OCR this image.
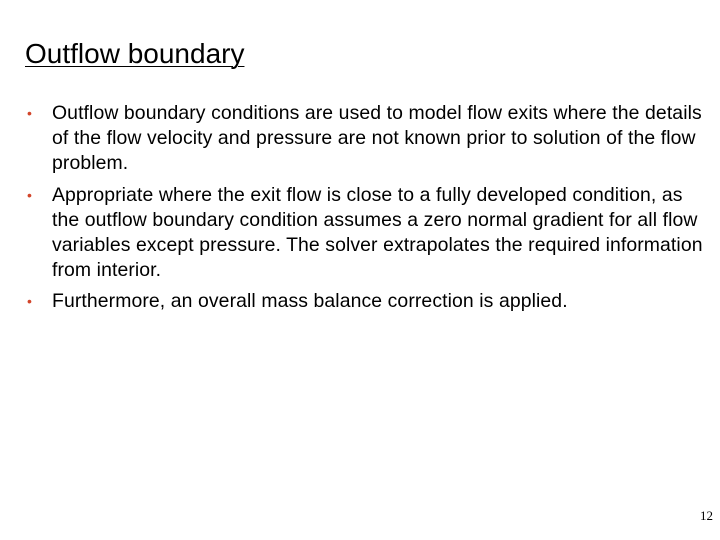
Outflow boundary
• Outflow boundary conditions are used to model flow exits where the details of the flow velocity and pressure are not known prior to solution of the flow problem.
• Appropriate where the exit flow is close to a fully developed condition, as the outflow boundary condition assumes a zero normal gradient for all flow variables except pressure. The solver extrapolates the required information from interior.
• Furthermore, an overall mass balance correction is applied.
12
